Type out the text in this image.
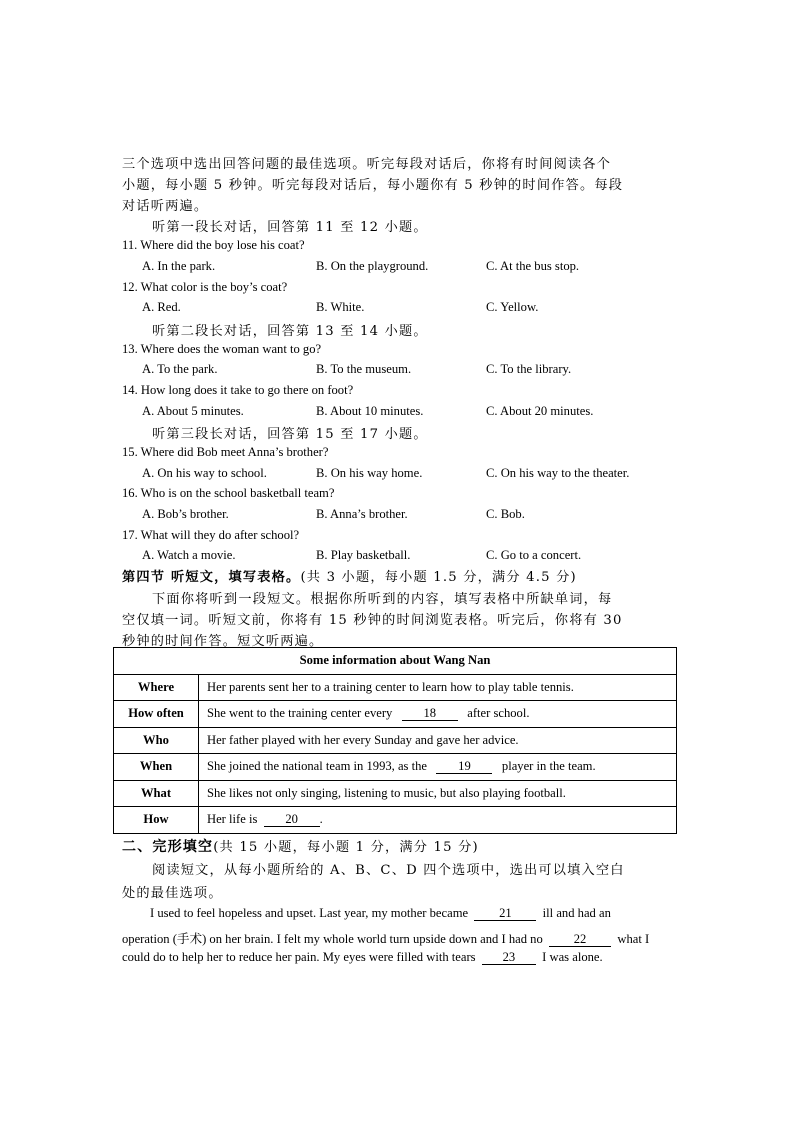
三个选项中选出回答问题的最佳选项。听完每段对话后，你将有时间阅读各个
小题，每小题 5 秒钟。听完每段对话后，每小题你有 5 秒钟的时间作答。每段
对话听两遍。
听第一段长对话，回答第 11 至 12 小题。
11. Where did the boy lose his coat?
A. In the park.	B. On the playground.	C. At the bus stop.
12. What color is the boy’s coat?
A. Red.	B. White.	C. Yellow.
听第二段长对话，回答第 13 至 14 小题。
13. Where does the woman want to go?
A. To the park.	B. To the museum.	C. To the library.
14. How long does it take to go there on foot?
A. About 5 minutes.	B. About 10 minutes.	C. About 20 minutes.
听第三段长对话，回答第 15 至 17 小题。
15. Where did Bob meet Anna’s brother?
A. On his way to school.	B. On his way home.	C. On his way to the theater.
16. Who is on the school basketball team?
A. Bob’s brother.	B. Anna’s brother.	C. Bob.
17. What will they do after school?
A. Watch a movie.	B. Play basketball.	C. Go to a concert.
第四节 听短文，填写表格。(共 3 小题，每小题 1.5 分，满分 4.5 分)
下面你将听到一段短文。根据你所听到的内容，填写表格中所缺单词，每
空仅填一词。听短文前，你将有 15 秒钟的时间浏览表格。听完后，你将有 30
秒钟的时间作答。短文听两遍。
Some information about Wang Nan	
Where	Her parents sent her to a training center to learn how to play table tennis.
How often	She went to the training center every 18 after school.
Who	Her father played with her every Sunday and gave her advice.
When	She joined the national team in 1993, as the 19 player in the team.
What	She likes not only singing, listening to music, but also playing football.
How	Her life is 20 .
二、完形填空(共 15 小题，每小题 1 分，满分 15 分)
阅读短文，从每小题所给的 A、B、C、D 四个选项中，选出可以填入空白
处的最佳选项。
I used to feel hopeless and upset. Last year, my mother became 21 ill and had an
operation (手术) on her brain. I felt my whole world turn upside down and I had no 22 what I
could do to help her to reduce her pain. My eyes were filled with tears 23 I was alone.
